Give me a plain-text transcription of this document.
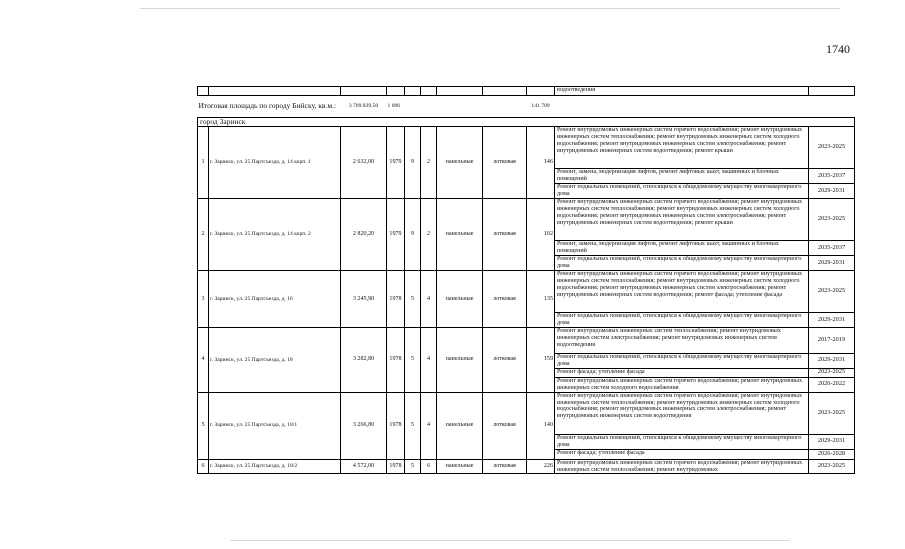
1740
									водоотведения	
Итоговая площадь по городу Бийску, кв.м.:		3 709 839,50	1 096					141 709		
город Заринск										
1	г. Заринск, ул. 25 Партсъезда, д. 14 корп. 1	2 632,00	1979	9	2	панельные	лотковая	146	Ремонт внутридомовых инженерных систем горячего водоснабжения; ремонт внутридомовых инженерных систем теплоснабжения; ремонт внутридомовых инженерных систем холодного водоснабжения; ремонт внутридомовых инженерных систем электроснабжения; ремонт внутридомовых инженерных систем водоотведения; ремонт крыши	2023-2025
									Ремонт, замена, модернизация лифтов, ремонт лифтовых шахт, машинных и блочных помещений	2035-2037
									Ремонт подвальных помещений, относящихся к общедомовому имуществу многоквартирного дома	2029-2031
2	г. Заринск, ул. 25 Партсъезда, д. 14 корп. 2	2 820,20	1979	9	2	панельные	лотковая	102	Ремонт внутридомовых инженерных систем горячего водоснабжения; ремонт внутридомовых инженерных систем теплоснабжения; ремонт внутридомовых инженерных систем холодного водоснабжения; ремонт внутридомовых инженерных систем электроснабжения; ремонт внутридомовых инженерных систем водоотведения; ремонт крыши	2023-2025
									Ремонт, замена, модернизация лифтов, ремонт лифтовых шахт, машинных и блочных помещений	2035-2037
									Ремонт подвальных помещений, относящихся к общедомовому имуществу многоквартирного дома	2029-2031
3	г. Заринск, ул. 25 Партсъезда, д. 16	3 245,90	1978	5	4	панельные	лотковая	135	Ремонт внутридомовых инженерных систем горячего водоснабжения; ремонт внутридомовых инженерных систем теплоснабжения; ремонт внутридомовых инженерных систем холодного водоснабжения; ремонт внутридомовых инженерных систем электроснабжения; ремонт внутридомовых инженерных систем водоотведения; ремонт фасада; утепление фасада	2023-2025
									Ремонт подвальных помещений, относящихся к общедомовому имуществу многоквартирного дома	2029-2031
4	г. Заринск, ул. 25 Партсъезда, д. 18	3 282,80	1978	5	4	панельные	лотковая	159	Ремонт внутридомовых инженерных систем теплоснабжения; ремонт внутридомовых инженерных систем электроснабжения; ремонт внутридомовых инженерных систем водоотведения	2017-2019
									Ремонт подвальных помещений, относящихся к общедомовому имуществу многоквартирного дома	2029-2031
									Ремонт фасада; утепление фасада	2023-2025
									Ремонт внутридомовых инженерных систем горячего водоснабжения; ремонт внутридомовых инженерных систем холодного водоснабжения	2020-2022
5	г. Заринск, ул. 25 Партсъезда, д. 18/1	3 266,80	1978	5	4	панельные	лотковая	140	Ремонт внутридомовых инженерных систем горячего водоснабжения; ремонт внутридомовых инженерных систем теплоснабжения; ремонт внутридомовых инженерных систем холодного водоснабжения; ремонт внутридомовых инженерных систем электроснабжения; ремонт внутридомовых инженерных систем водоотведения	2023-2025
									Ремонт подвальных помещений, относящихся к общедомовому имуществу многоквартирного дома	2029-2031
									Ремонт фасада; утепление фасада	2026-2028
6	г. Заринск, ул. 25 Партсъезда, д. 18/2	4 572,00	1978	5	6	панельные	лотковая	226	Ремонт внутридомовых инженерных систем горячего водоснабжения; ремонт внутридомовых инженерных систем теплоснабжения; ремонт внутридомовых	2023-2025
